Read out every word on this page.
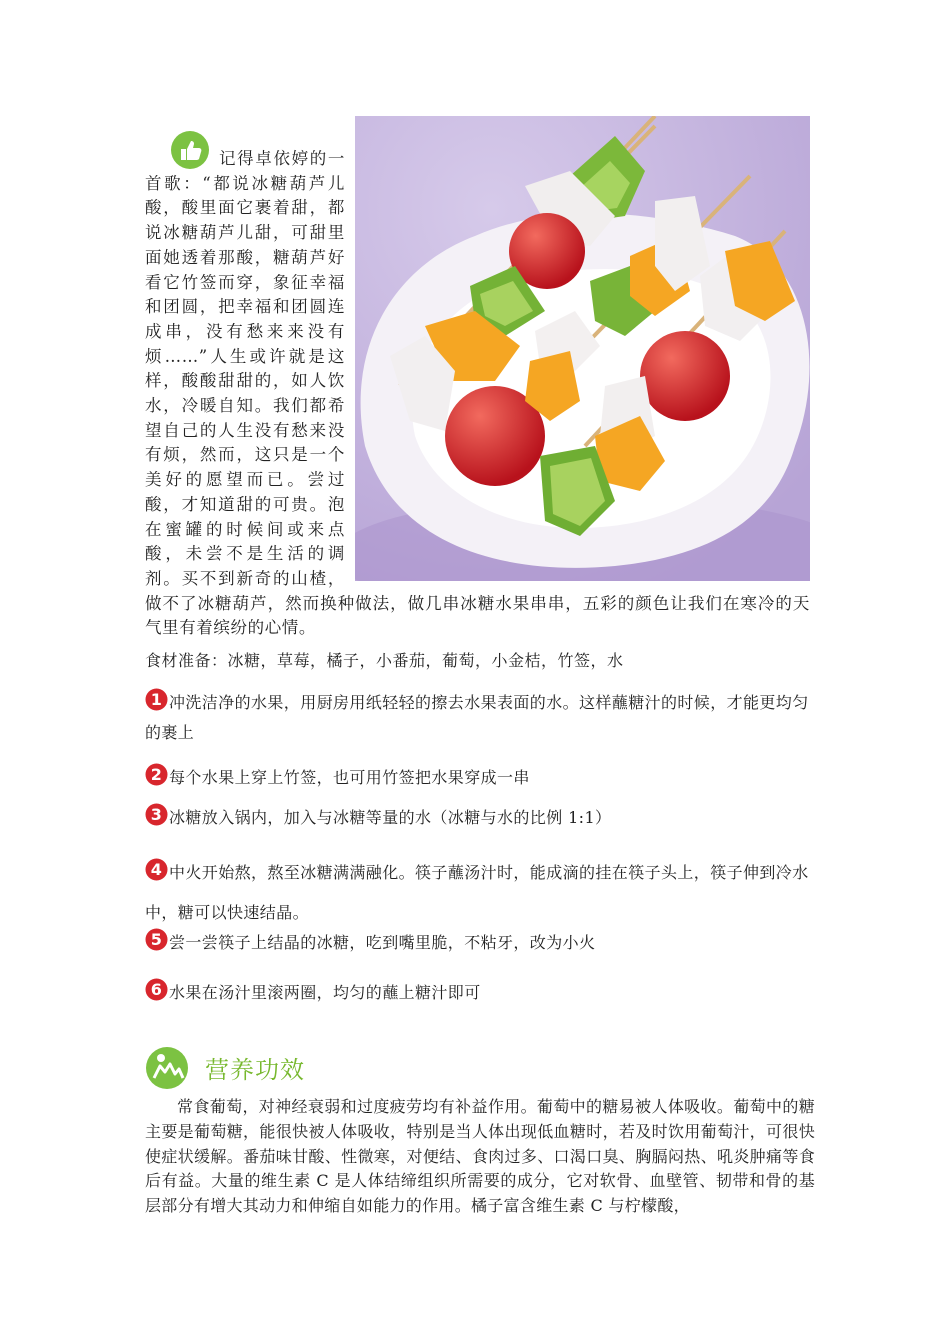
记得卓依婷的一首歌：“都说冰糖葫芦儿酸，酸里面它裹着甜，都说冰糖葫芦儿甜，可甜里面她透着那酸，糖葫芦好看它竹签而穿，象征幸福和团圆，把幸福和团圆连成串，没有愁来来没有烦……”人生或许就是这样，酸酸甜甜的，如人饮水，冷暖自知。我们都希望自己的人生没有愁来没有烦，然而，这只是一个美好的愿望而已。尝过酸，才知道甜的可贵。泡在蜜罐的时候间或来点酸，未尝不是生活的调剂。买不到新奇的山楂，做不了冰糖葫芦，然而换种做法，做几串冰糖水果串串，五彩的颜色让我们在寒冷的天气里有着缤纷的心情。
食材准备：冰糖，草莓，橘子，小番茄，葡萄，小金桔，竹签，水
1 冲洗洁净的水果，用厨房用纸轻轻的擦去水果表面的水。这样蘸糖汁的时候，才能更均匀的裹上
2 每个水果上穿上竹签，也可用竹签把水果穿成一串
3 冰糖放入锅内，加入与冰糖等量的水（冰糖与水的比例 1:1）
4 中火开始熬，熬至冰糖满满融化。筷子蘸汤汁时，能成滴的挂在筷子头上，筷子伸到冷水中，糖可以快速结晶。
5 尝一尝筷子上结晶的冰糖，吃到嘴里脆，不粘牙，改为小火
6 水果在汤汁里滚两圈，均匀的蘸上糖汁即可
营养功效
常食葡萄，对神经衰弱和过度疲劳均有补益作用。葡萄中的糖易被人体吸收。葡萄中的糖主要是葡萄糖，能很快被人体吸收，特别是当人体出现低血糖时，若及时饮用葡萄汁，可很快使症状缓解。番茄味甘酸、性微寒，对便结、食肉过多、口渴口臭、胸膈闷热、吼炎肿痛等食后有益。大量的维生素 C 是人体结缔组织所需要的成分，它对软骨、血壁管、韧带和骨的基层部分有增大其动力和伸缩自如能力的作用。橘子富含维生素 C 与柠檬酸，
